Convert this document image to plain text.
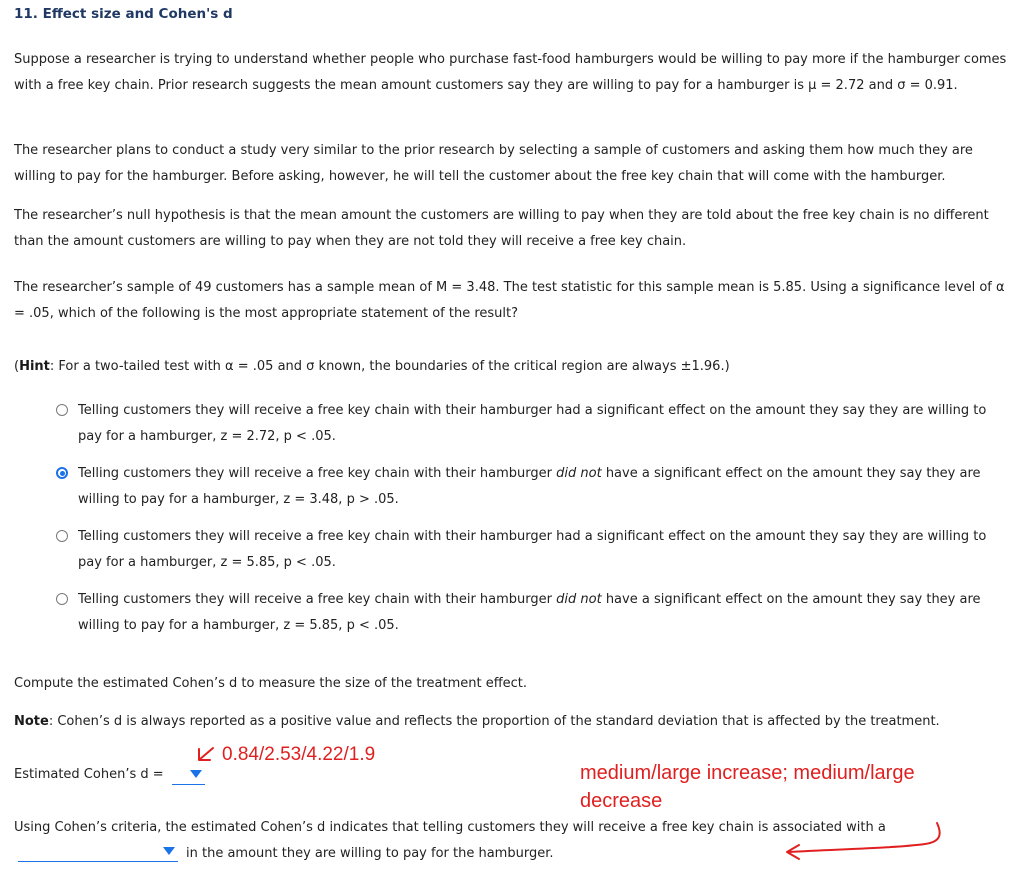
11. Effect size and Cohen's d
Suppose a researcher is trying to understand whether people who purchase fast-food hamburgers would be willing to pay more if the hamburger comes with a free key chain. Prior research suggests the mean amount customers say they are willing to pay for a hamburger is μ = 2.72 and σ = 0.91.
The researcher plans to conduct a study very similar to the prior research by selecting a sample of customers and asking them how much they are willing to pay for the hamburger. Before asking, however, he will tell the customer about the free key chain that will come with the hamburger.
The researcher’s null hypothesis is that the mean amount the customers are willing to pay when they are told about the free key chain is no different than the amount customers are willing to pay when they are not told they will receive a free key chain.
The researcher’s sample of 49 customers has a sample mean of M = 3.48. The test statistic for this sample mean is 5.85. Using a significance level of α = .05, which of the following is the most appropriate statement of the result?
(Hint: For a two-tailed test with α = .05 and σ known, the boundaries of the critical region are always ±1.96.)
Telling customers they will receive a free key chain with their hamburger had a significant effect on the amount they say they are willing to pay for a hamburger, z = 2.72, p < .05.
Telling customers they will receive a free key chain with their hamburger did not have a significant effect on the amount they say they are willing to pay for a hamburger, z = 3.48, p > .05.
Telling customers they will receive a free key chain with their hamburger had a significant effect on the amount they say they are willing to pay for a hamburger, z = 5.85, p < .05.
Telling customers they will receive a free key chain with their hamburger did not have a significant effect on the amount they say they are willing to pay for a hamburger, z = 5.85, p < .05.
Compute the estimated Cohen’s d to measure the size of the treatment effect.
Note: Cohen’s d is always reported as a positive value and reflects the proportion of the standard deviation that is affected by the treatment.
Estimated Cohen’s d =
Using Cohen’s criteria, the estimated Cohen’s d indicates that telling customers they will receive a free key chain is associated with a
in the amount they are willing to pay for the hamburger.
0.84/2.53/4.22/1.9
medium/large increase; medium/large
decrease
